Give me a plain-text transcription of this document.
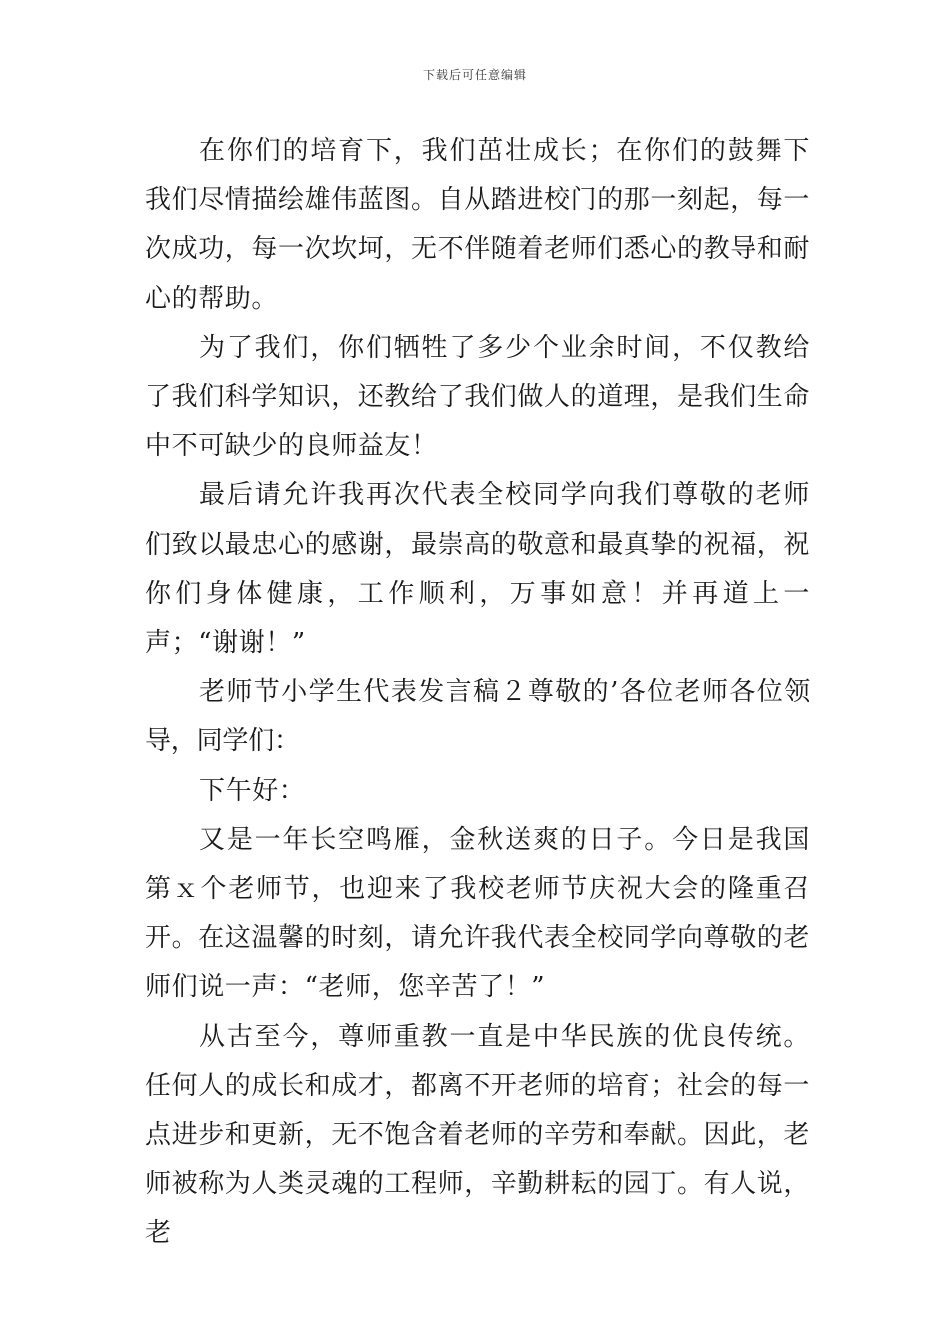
下载后可任意编辑

在你们的培育下，我们茁壮成长；在你们的鼓舞下我们尽情描绘雄伟蓝图。自从踏进校门的那一刻起，每一次成功，每一次坎坷，无不伴随着老师们悉心的教导和耐心的帮助。

为了我们，你们牺牲了多少个业余时间，不仅教给了我们科学知识，还教给了我们做人的道理，是我们生命中不可缺少的良师益友！

最后请允许我再次代表全校同学向我们尊敬的老师们致以最忠心的感谢，最崇高的敬意和最真挚的祝福，祝你们身体健康，工作顺利，万事如意！并再道上一声；“谢谢！”

老师节小学生代表发言稿２尊敬的’各位老师各位领导，同学们：

下午好：

又是一年长空鸣雁，金秋送爽的日子。今日是我国第ｘ个老师节，也迎来了我校老师节庆祝大会的隆重召开。在这温馨的时刻，请允许我代表全校同学向尊敬的老师们说一声：“老师，您辛苦了！”

从古至今，尊师重教一直是中华民族的优良传统。任何人的成长和成才，都离不开老师的培育；社会的每一点进步和更新，无不饱含着老师的辛劳和奉献。因此，老师被称为人类灵魂的工程师，辛勤耕耘的园丁。有人说，老
